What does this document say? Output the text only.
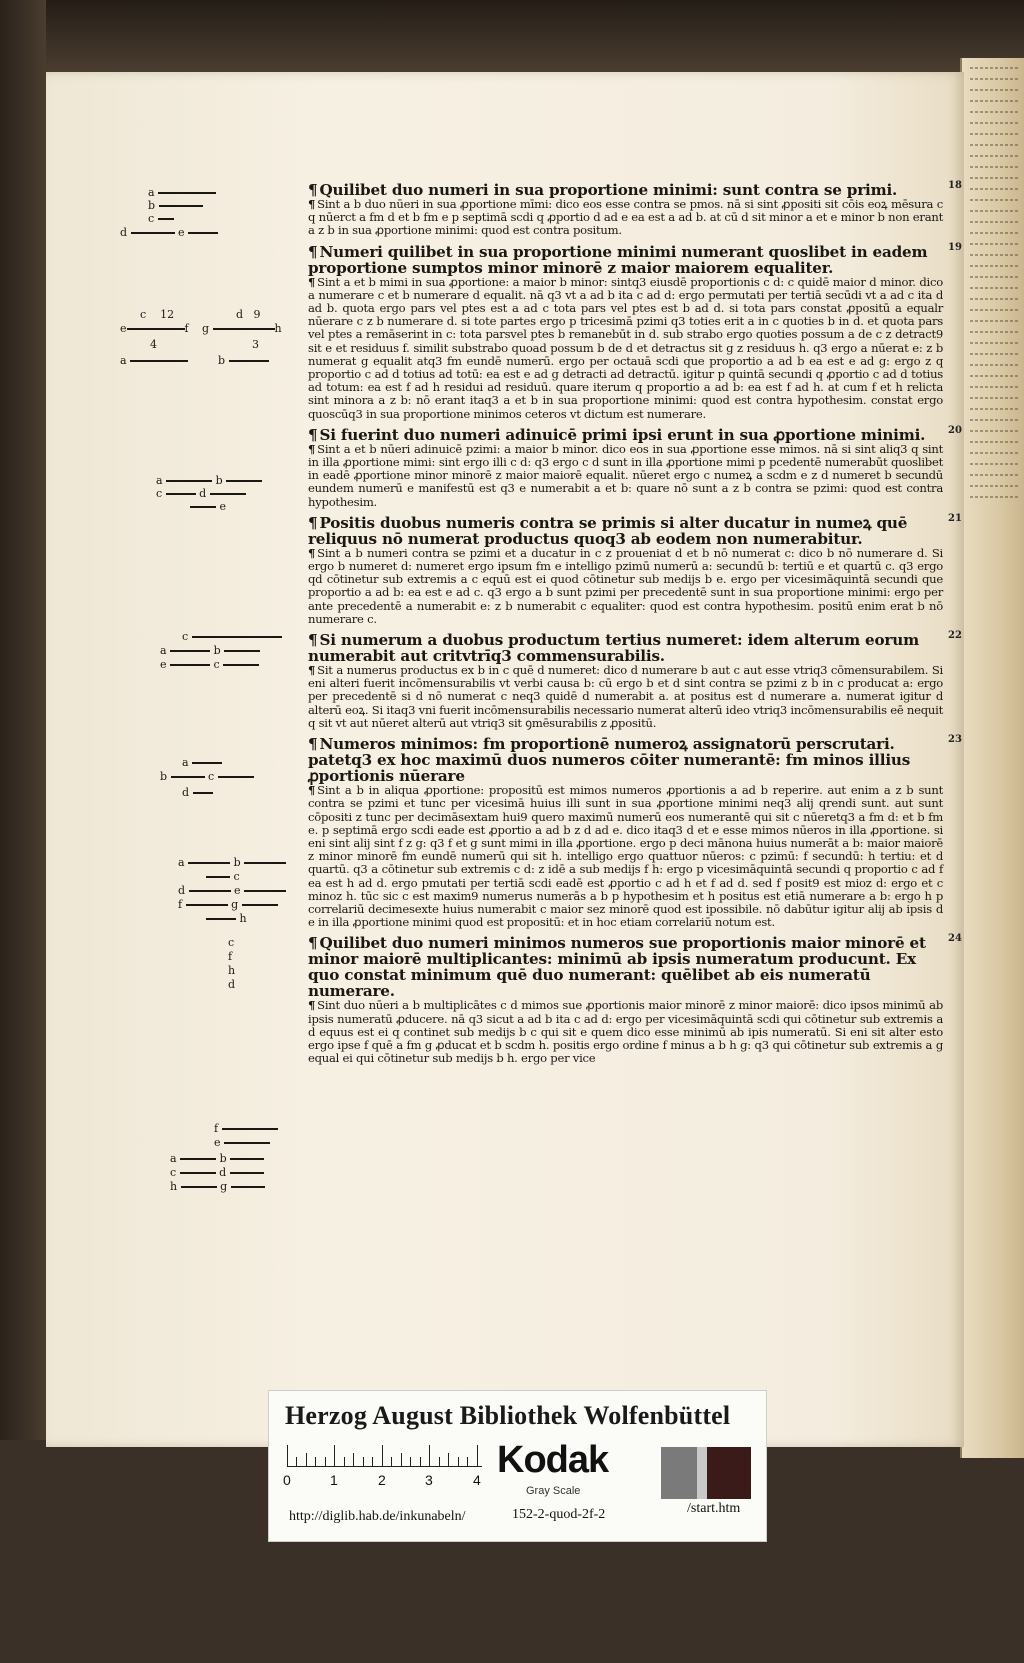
a
b
c
d	e
c 12
e	f
4
a
d 9
g	h
3
b
a	b
c	d
e
c
a	b
e	c
a
b	c
d
a	b
c
d	e
f	g
h
c
f
h
d
f
e
a	b
c	d
h	g
¶ Quilibet duo numeri in sua proportione minimi: sunt contra se primi.	18
¶ Sint a b duo nūeri in sua ꝓportione mīmi: dico eos esse contra se pmos. nā si sint ꝓpositi sit cōis eoꝝ mēsura c q nūerct a fm d et b fm e p septimā scdi q ꝓportio d ad e ea est a ad b. at cū d sit minor a et e minor b non erant a z b in sua ꝓportione minimi: quod est contra positum.
¶ Numeri quilibet in sua proportione minimi numerant quoslibet in eadem proportione sumptos minor minorē z maior maiorem equaliter.
19
¶ Sint a et b mimi in sua ꝓportione: a maior b minor: sintq3 eiusdē proportionis c d: c quidē maior d minor. dico a numerare c et b numerare d equalit. nā q3 vt a ad b ita c ad d: ergo permutati per tertiā secūdi vt a ad c ita d ad b. quota ergo pars vel ptes est a ad c tota pars vel ptes est b ad d. si tota pars constat ꝓpositū a equalr nūerare c z b numerare d. si tote partes ergo p tricesimā pzimi q3 toties erit a in c quoties b in d. et quota pars vel ptes a remāserint in c: tota parsvel ptes b remanebūt in d. sub strabo ergo quoties possum a de c z detract9 sit e et residuus f. similit substrabo quoad possum b de d et detractus sit g z residuus h. q3 ergo a nūerat e: z b numerat g equalit atq3 fm eundē numerū. ergo per octauā scdi que proportio a ad b ea est e ad g: ergo z q proportio c ad d totius ad totū: ea est e ad g detracti ad detractū. igitur p quintā secundi q ꝓportio c ad d totius ad totum: ea est f ad h residui ad residuū. quare iterum q proportio a ad b: ea est f ad h. at cum f et h relicta sint minora a z b: nō erant itaq3 a et b in sua proportione minimi: quod est contra hypothesim. constat ergo quoscūq3 in sua proportione minimos ceteros vt dictum est numerare.
¶ Si fuerint duo numeri adinuicē primi ipsi erunt in sua ꝓportione minimi.	20
¶ Sint a et b nūeri adinuicē pzimi: a maior b minor. dico eos in sua ꝓportione esse mimos. nā si sint aliq3 q sint in illa ꝓportione mimi: sint ergo illi c d: q3 ergo c d sunt in illa ꝓportione mimi p pcedentē numerabūt quoslibet in eadē ꝓportione minor minorē z maior maiorē equalit. nūeret ergo c numeꝝ a scdm e z d numeret b secundū eundem numerū e manifestū est q3 e numerabit a et b: quare nō sunt a z b contra se pzimi: quod est contra hypothesim.
¶ Positis duobus numeris contra se primis si alter ducatur in numeꝝ quē reliquus nō numerat productus quoq3 ab eodem non numerabitur.
21
¶ Sint a b numeri contra se pzimi et a ducatur in c z proueniat d et b nō numerat c: dico b nō numerare d. Si ergo b numeret d: numeret ergo ipsum fm e intelligo pzimū numerū a: secundū b: tertiū e et quartū c. q3 ergo qd cōtinetur sub extremis a c equū est ei quod cōtinetur sub medijs b e. ergo per vicesimāquintā secundi que proportio a ad b: ea est e ad c. q3 ergo a b sunt pzimi per precedentē sunt in sua proportione minimi: ergo per ante precedentē a numerabit e: z b numerabit c equaliter: quod est contra hypothesim. positū enim erat b nō numerare c.
¶ Si numerum a duobus productum tertius numeret: idem alterum eorum numerabit aut critvtrīq3 commensurabilis.
22
¶ Sit a numerus productus ex b in c quē d numeret: dico d numerare b aut c aut esse vtriq3 cōmensurabilem. Si eni alteri fuerit incōmensurabilis vt verbi causa b: cū ergo b et d sint contra se pzimi z b in c producat a: ergo per precedentē si d nō numerat c neq3 quidē d numerabit a. at positus est d numerare a. numerat igitur d alterū eoꝝ. Si itaq3 vni fuerit incōmensurabilis necessario numerat alterū ideo vtriq3 incōmensurabilis eē nequit q sit vt aut nūeret alterū aut vtriq3 sit ꝯmēsurabilis z ꝓpositū.
¶ Numeros minimos: fm proportionē numeroꝝ assignatorū perscrutari. patetq3 ex hoc maximū duos numeros cōiter numerantē: fm minos illius ꝓportionis nūerare
23
¶ Sint a b in aliqua ꝓportione: propositū est mimos numeros ꝓportionis a ad b reperire. aut enim a z b sunt contra se pzimi et tunc per vicesimā huius illi sunt in sua ꝓportione minimi neq3 alij qrendi sunt. aut sunt cōpositi z tunc per decimāsextam hui9 quero maximū numerū eos numerantē qui sit c nūeretq3 a fm d: et b fm e. p septimā ergo scdi eade est ꝓportio a ad b z d ad e. dico itaq3 d et e esse mimos nūeros in illa ꝓportione. si eni sint alij sint f z g: q3 f et g sunt mimi in illa ꝓportione. ergo p deci mānona huius numerāt a b: maior maiorē z minor minorē fm eundē numerū qui sit h. intelligo ergo quattuor nūeros: c pzimū: f secundū: h tertiu: et d quartū. q3 a cōtinetur sub extremis c d: z idē a sub medijs f h: ergo p vicesimāquintā secundi q proportio c ad f ea est h ad d. ergo pmutati per tertiā scdi eadē est ꝓportio c ad h et f ad d. sed f posit9 est mioz d: ergo et c minoz h. tūc sic c est maxim9 numerus numerās a b p hypothesim et h positus est etiā numerare a b: ergo h p correlariū decimesexte huius numerabit c maior sez minorē quod est ipossibile. nō dabūtur igitur alij ab ipsis d e in illa ꝓportione minimi quod est propositū: et in hoc etiam correlariū notum est.
¶ Quilibet duo numeri minimos numeros sue proportionis maior minorē et minor maiorē multiplicantes: minimū ab ipsis numeratum producunt. Ex quo constat minimum quē duo numerant: quēlibet ab eis numeratū numerare.
24
¶ Sint duo nūeri a b multiplicātes c d mimos sue ꝓportionis maior minorē z minor maiorē: dico ipsos minimū ab ipsis numeratū ꝓducere. nā q3 sicut a ad b ita c ad d: ergo per vicesimāquintā scdi qui cōtinetur sub extremis a d equus est ei q continet sub medijs b c qui sit e quem dico esse minimū ab ipis numeratū. Si eni sit alter esto ergo ipse f quē a fm g ꝓducat et b scdm h. positis ergo ordine f minus a b h g: q3 qui cōtinetur sub extremis a g equal ei qui cōtinetur sub medijs b h. ergo per vice
Herzog August Bibliothek Wolfenbüttel
0	1	2	3	4 Kodak
Gray Scale
http://diglib.hab.de/inkunabeln/	152-2-quod-2f-2	/start.htm
